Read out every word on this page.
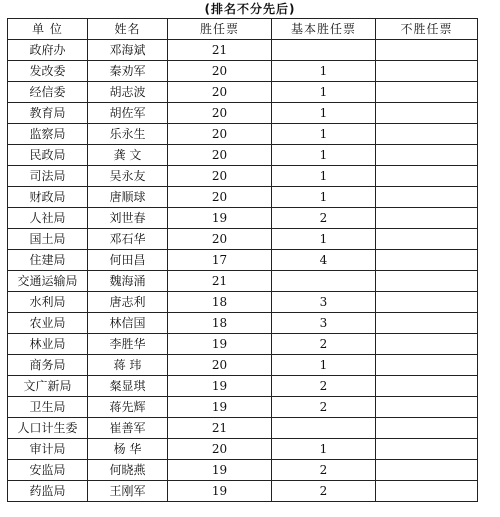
(排名不分先后)
单 位	姓名	胜任票	基本胜任票	不胜任票
政府办	邓海斌	21		
发改委	秦劝军	20	1	
经信委	胡志波	20	1	
教育局	胡佐军	20	1	
监察局	乐永生	20	1	
民政局	龚 文	20	1	
司法局	吴永友	20	1	
财政局	唐顺球	20	1	
人社局	刘世春	19	2	
国土局	邓石华	20	1	
住建局	何田昌	17	4	
交通运输局	魏海涌	21		
水利局	唐志利	18	3	
农业局	林信国	18	3	
林业局	李胜华	19	2	
商务局	蒋 玮	20	1	
文广新局	粲显琪	19	2	
卫生局	蒋先辉	19	2	
人口计生委	崔善军	21		
审计局	杨 华	20	1	
安监局	何晓燕	19	2	
药监局	王刚军	19	2	
